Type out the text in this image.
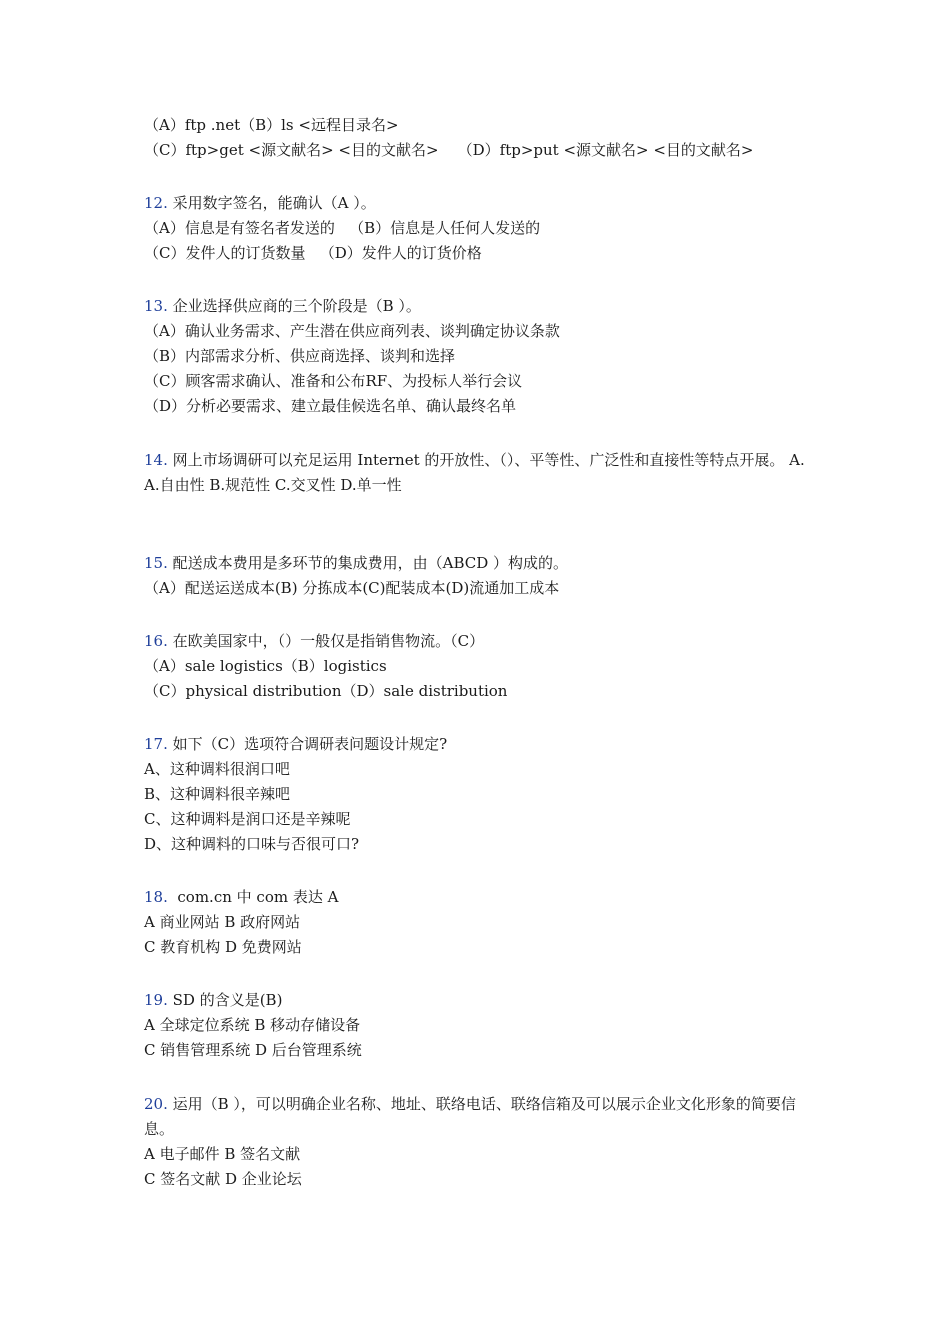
（A）ftp .net（B）ls <远程目录名>
（C）ftp>get <源文献名> <目的文献名>    （D）ftp>put <源文献名> <目的文献名>
12. 采用数字签名，能确认（A ）。
（A）信息是有签名者发送的   （B）信息是人任何人发送的
（C）发件人的订货数量   （D）发件人的订货价格
13. 企业选择供应商的三个阶段是（B ）。
（A）确认业务需求、产生潜在供应商列表、谈判确定协议条款
（B）内部需求分析、供应商选择、谈判和选择
（C）顾客需求确认、准备和公布RF、为投标人举行会议
（D）分析必要需求、建立最佳候选名单、确认最终名单
14. 网上市场调研可以充足运用 Internet 的开放性、（）、平等性、广泛性和直接性等特点开展。 A.
A.自由性 B.规范性 C.交叉性 D.单一性
15. 配送成本费用是多环节的集成费用，由（ABCD ）构成的。
（A）配送运送成本(B) 分拣成本(C)配装成本(D)流通加工成本
16. 在欧美国家中，（）一般仅是指销售物流。（C）
（A）sale logistics（B）logistics
（C）physical distribution（D）sale distribution
17. 如下（C）选项符合调研表问题设计规定?
A、这种调料很润口吧
B、这种调料很辛辣吧
C、这种调料是润口还是辛辣呢
D、这种调料的口味与否很可口?
18.  com.cn 中 com 表达 A
A 商业网站 B 政府网站
C 教育机构 D 免费网站
19. SD 的含义是(B)
A 全球定位系统 B 移动存储设备
C 销售管理系统 D 后台管理系统
20. 运用（B ），可以明确企业名称、地址、联络电话、联络信箱及可以展示企业文化形象的简要信息。
A 电子邮件 B 签名文献
C 签名文献 D 企业论坛
